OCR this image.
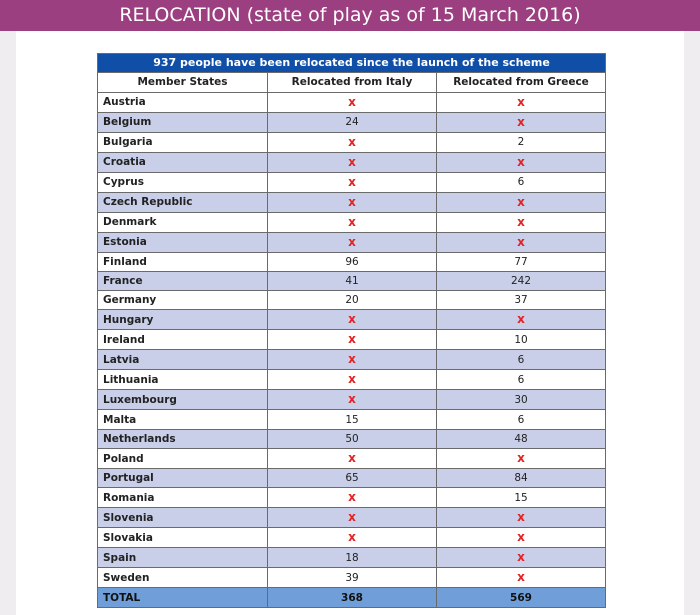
RELOCATION (state of play as of 15 March 2016)
937 people have been relocated since the launch of the scheme		
Member States	Relocated from Italy	Relocated from Greece
Austria	x	x
Belgium	24	x
Bulgaria	x	2
Croatia	x	x
Cyprus	x	6
Czech Republic	x	x
Denmark	x	x
Estonia	x	x
Finland	96	77
France	41	242
Germany	20	37
Hungary	x	x
Ireland	x	10
Latvia	x	6
Lithuania	x	6
Luxembourg	x	30
Malta	15	6
Netherlands	50	48
Poland	x	x
Portugal	65	84
Romania	x	15
Slovenia	x	x
Slovakia	x	x
Spain	18	x
Sweden	39	x
TOTAL	368	569
